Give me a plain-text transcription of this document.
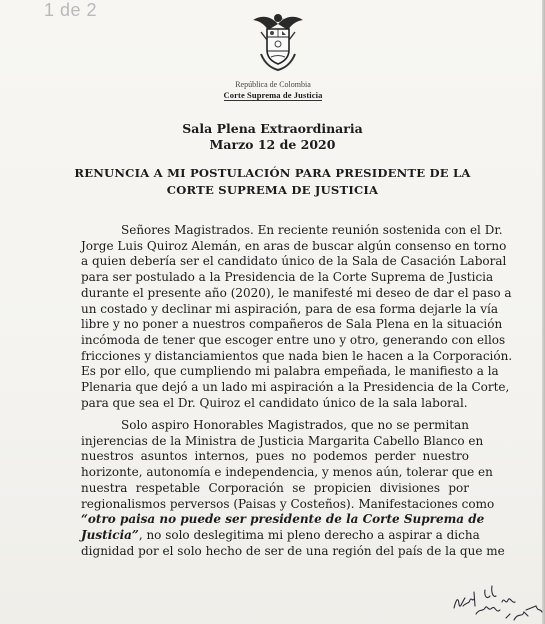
1 de 2
República de Colombia
Corte Suprema de Justicia
Sala Plena Extraordinaria
Marzo 12 de 2020
RENUNCIA A MI POSTULACIÓN PARA PRESIDENTE DE LA
CORTE SUPREMA DE JUSTICIA
Señores Magistrados. En reciente reunión sostenida con el Dr.
Jorge Luis Quiroz Alemán, en aras de buscar algún consenso en torno
a quien debería ser el candidato único de la Sala de Casación Laboral
para ser postulado a la Presidencia de la Corte Suprema de Justicia
durante el presente año (2020), le manifesté mi deseo de dar el paso a
un costado y declinar mi aspiración, para de esa forma dejarle la vía
libre y no poner a nuestros compañeros de Sala Plena en la situación
incómoda de tener que escoger entre uno y otro, generando con ellos
fricciones y distanciamientos que nada bien le hacen a la Corporación.
Es por ello, que cumpliendo mi palabra empeñada, le manifiesto a la
Plenaria que dejó a un lado mi aspiración a la Presidencia de la Corte,
para que sea el Dr. Quiroz el candidato único de la sala laboral.
Solo aspiro Honorables Magistrados, que no se permitan
injerencias de la Ministra de Justicia Margarita Cabello Blanco en
nuestros asuntos internos, pues no podemos perder nuestro
horizonte, autonomía e independencia, y menos aún, tolerar que en
nuestra respetable Corporación se propicien divisiones por
regionalismos perversos (Paisas y Costeños). Manifestaciones como
“otro paisa no puede ser presidente de la Corte Suprema de
Justicia”, no solo deslegitima mi pleno derecho a aspirar a dicha
dignidad por el solo hecho de ser de una región del país de la que me
